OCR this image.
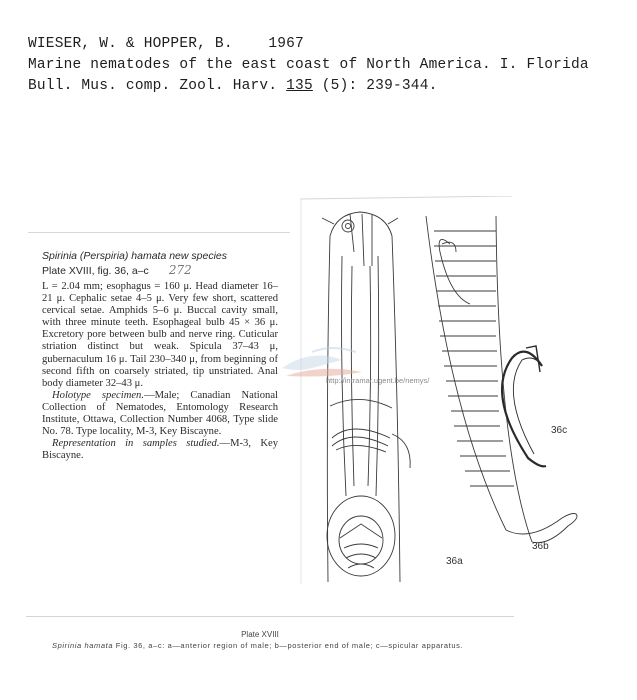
WIESER, W. & HOPPER, B. 1967
Marine nematodes of the east coast of North America. I. Florida
Bull. Mus. comp. Zool. Harv. 135 (5): 239-344.

Spirinia (Perspiria) hamata new species

Plate XVIII, fig. 36, a–c 272

L = 2.04 mm; esophagus = 160 μ. Head diameter 16–21 μ. Cephalic setae 4–5 μ. Very few short, scattered cervical setae. Amphids 5–6 μ. Buccal cavity small, with three minute teeth. Esophageal bulb 45 × 36 μ. Excretory pore between bulb and nerve ring. Cuticular striation distinct but weak. Spicula 37–43 μ, gubernaculum 16 μ. Tail 230–340 μ, from beginning of second fifth on coarsely striated, tip unstriated. Anal body diameter 32–43 μ.

Holotype specimen.—Male; Canadian National Collection of Nematodes, Entomology Research Institute, Ottawa, Collection Number 4068, Type slide No. 78. Type locality, M-3, Key Biscayne.

Representation in samples studied.—M-3, Key Biscayne.

36a
36b
36c
http://intramar.ugent.be/nemys/
Plate XVIII
Spirinia hamata Fig. 36, a–c: a—anterior region of male; b—posterior end of male; c—spicular apparatus.
